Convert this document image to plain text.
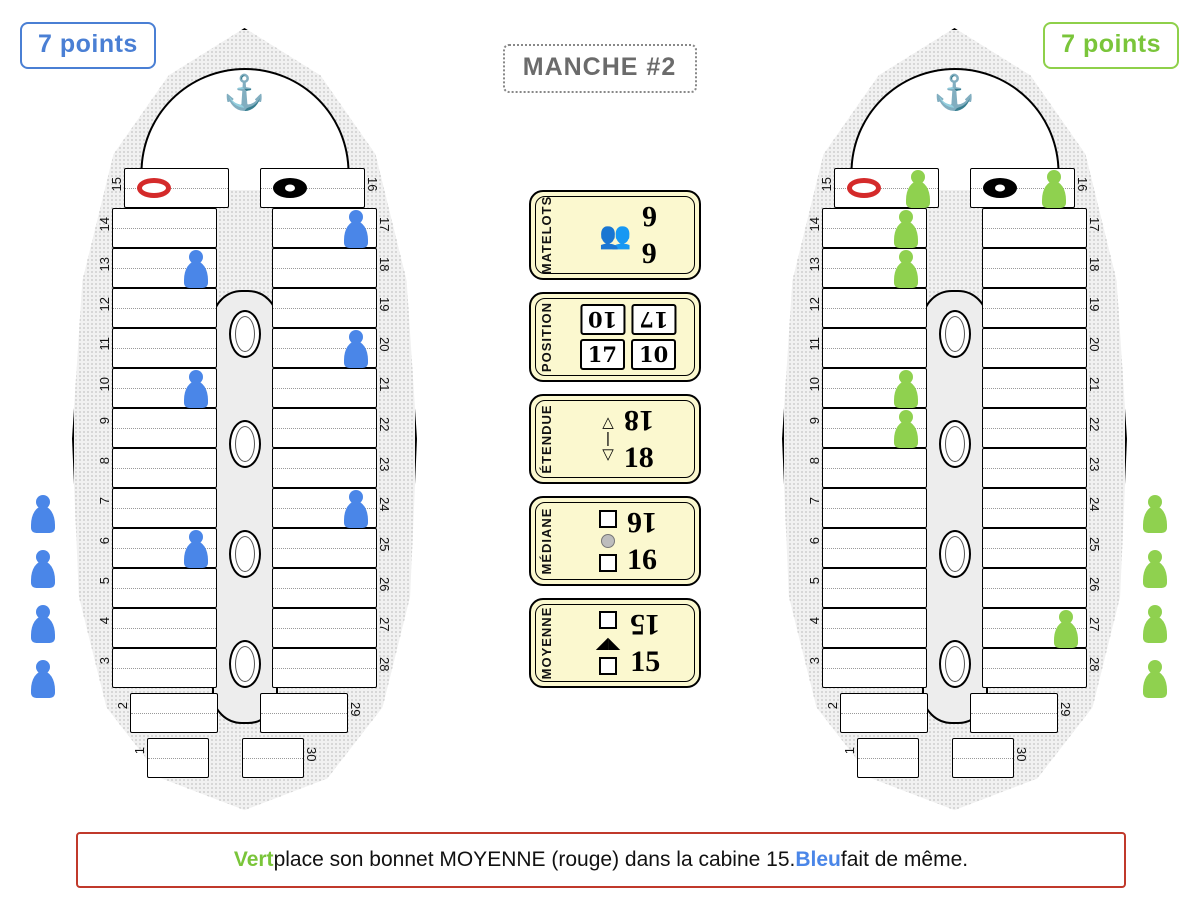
7 points	7 points
MANCHE #2
⚓
15	16
14	17
13	18
12	19
11	20
10	21
9	22
8	23
7	24
6	25
5	26
4	27
3	28
2	29
1	30
⚓
15	16
14	17
13	18
12	19
11	20
10	21
9	22
8	23
7	24
6	25
5	26
4	27
3	28
2	29
1	30
MATELOTS 👥
6
9
POSITION	17
10
17	10
ÉTENDUE	△
|
▽
18
18
MÉDIANE 16
16
MOYENNE	◢◣
15
15
Vert place son bonnet MOYENNE (rouge) dans la cabine 15. Bleu fait de même.
